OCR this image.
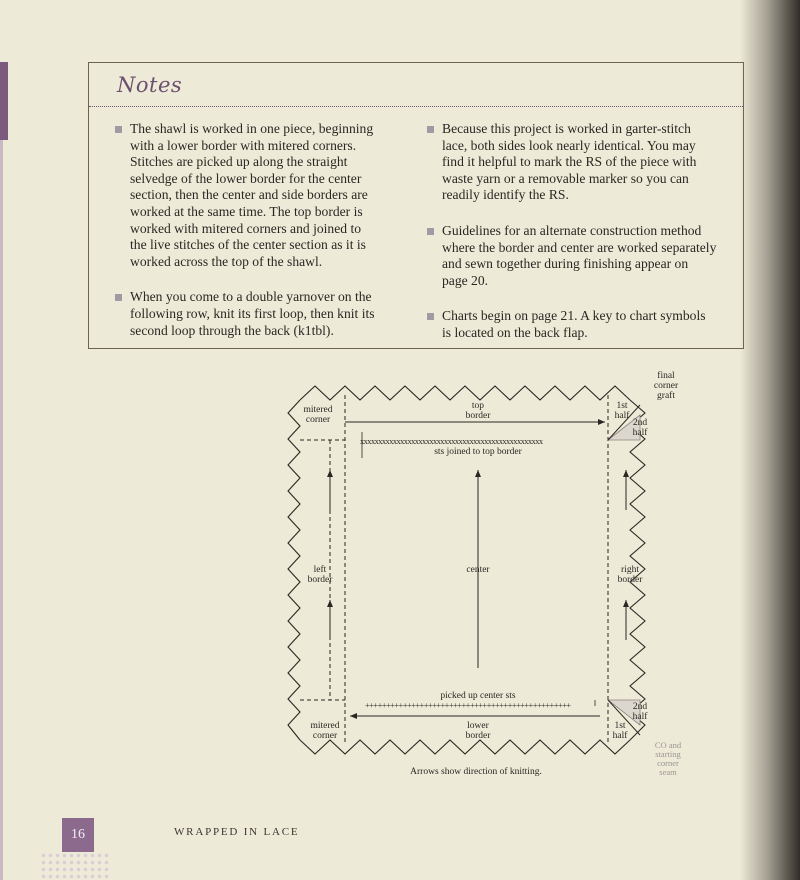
Notes
The shawl is worked in one piece, beginning with a lower border with mitered corners. Stitches are picked up along the straight selvedge of the lower border for the center section, then the center and side borders are worked at the same time. The top border is worked with mitered corners and joined to the live stitches of the center section as it is worked across the top of the shawl.
When you come to a double yarnover on the following row, knit its first loop, then knit its second loop through the back (k1tbl).
Because this project is worked in garter-stitch lace, both sides look nearly identical. You may find it helpful to mark the RS of the piece with waste yarn or a removable marker so you can readily identify the RS.
Guidelines for an alternate construction method where the border and center are worked separately and sewn together during finishing appear on page 20.
Charts begin on page 21. A key to chart symbols is located on the back flap.
top
border
mitered
corner
1st
half
2nd
half
final
corner
graft
xxxxxxxxxxxxxxxxxxxxxxxxxxxxxxxxxxxxxxxxxxxxxxxxxx
sts joined to top border
center
left
border
right
border
picked up center sts
+++++++++++++++++++++++++++++++++++++++++++++++++
lower
border
mitered
corner
1st
half
2nd
half
CO and
starting
corner
seam
Arrows show direction of knitting.
16	WRAPPED IN LACE
